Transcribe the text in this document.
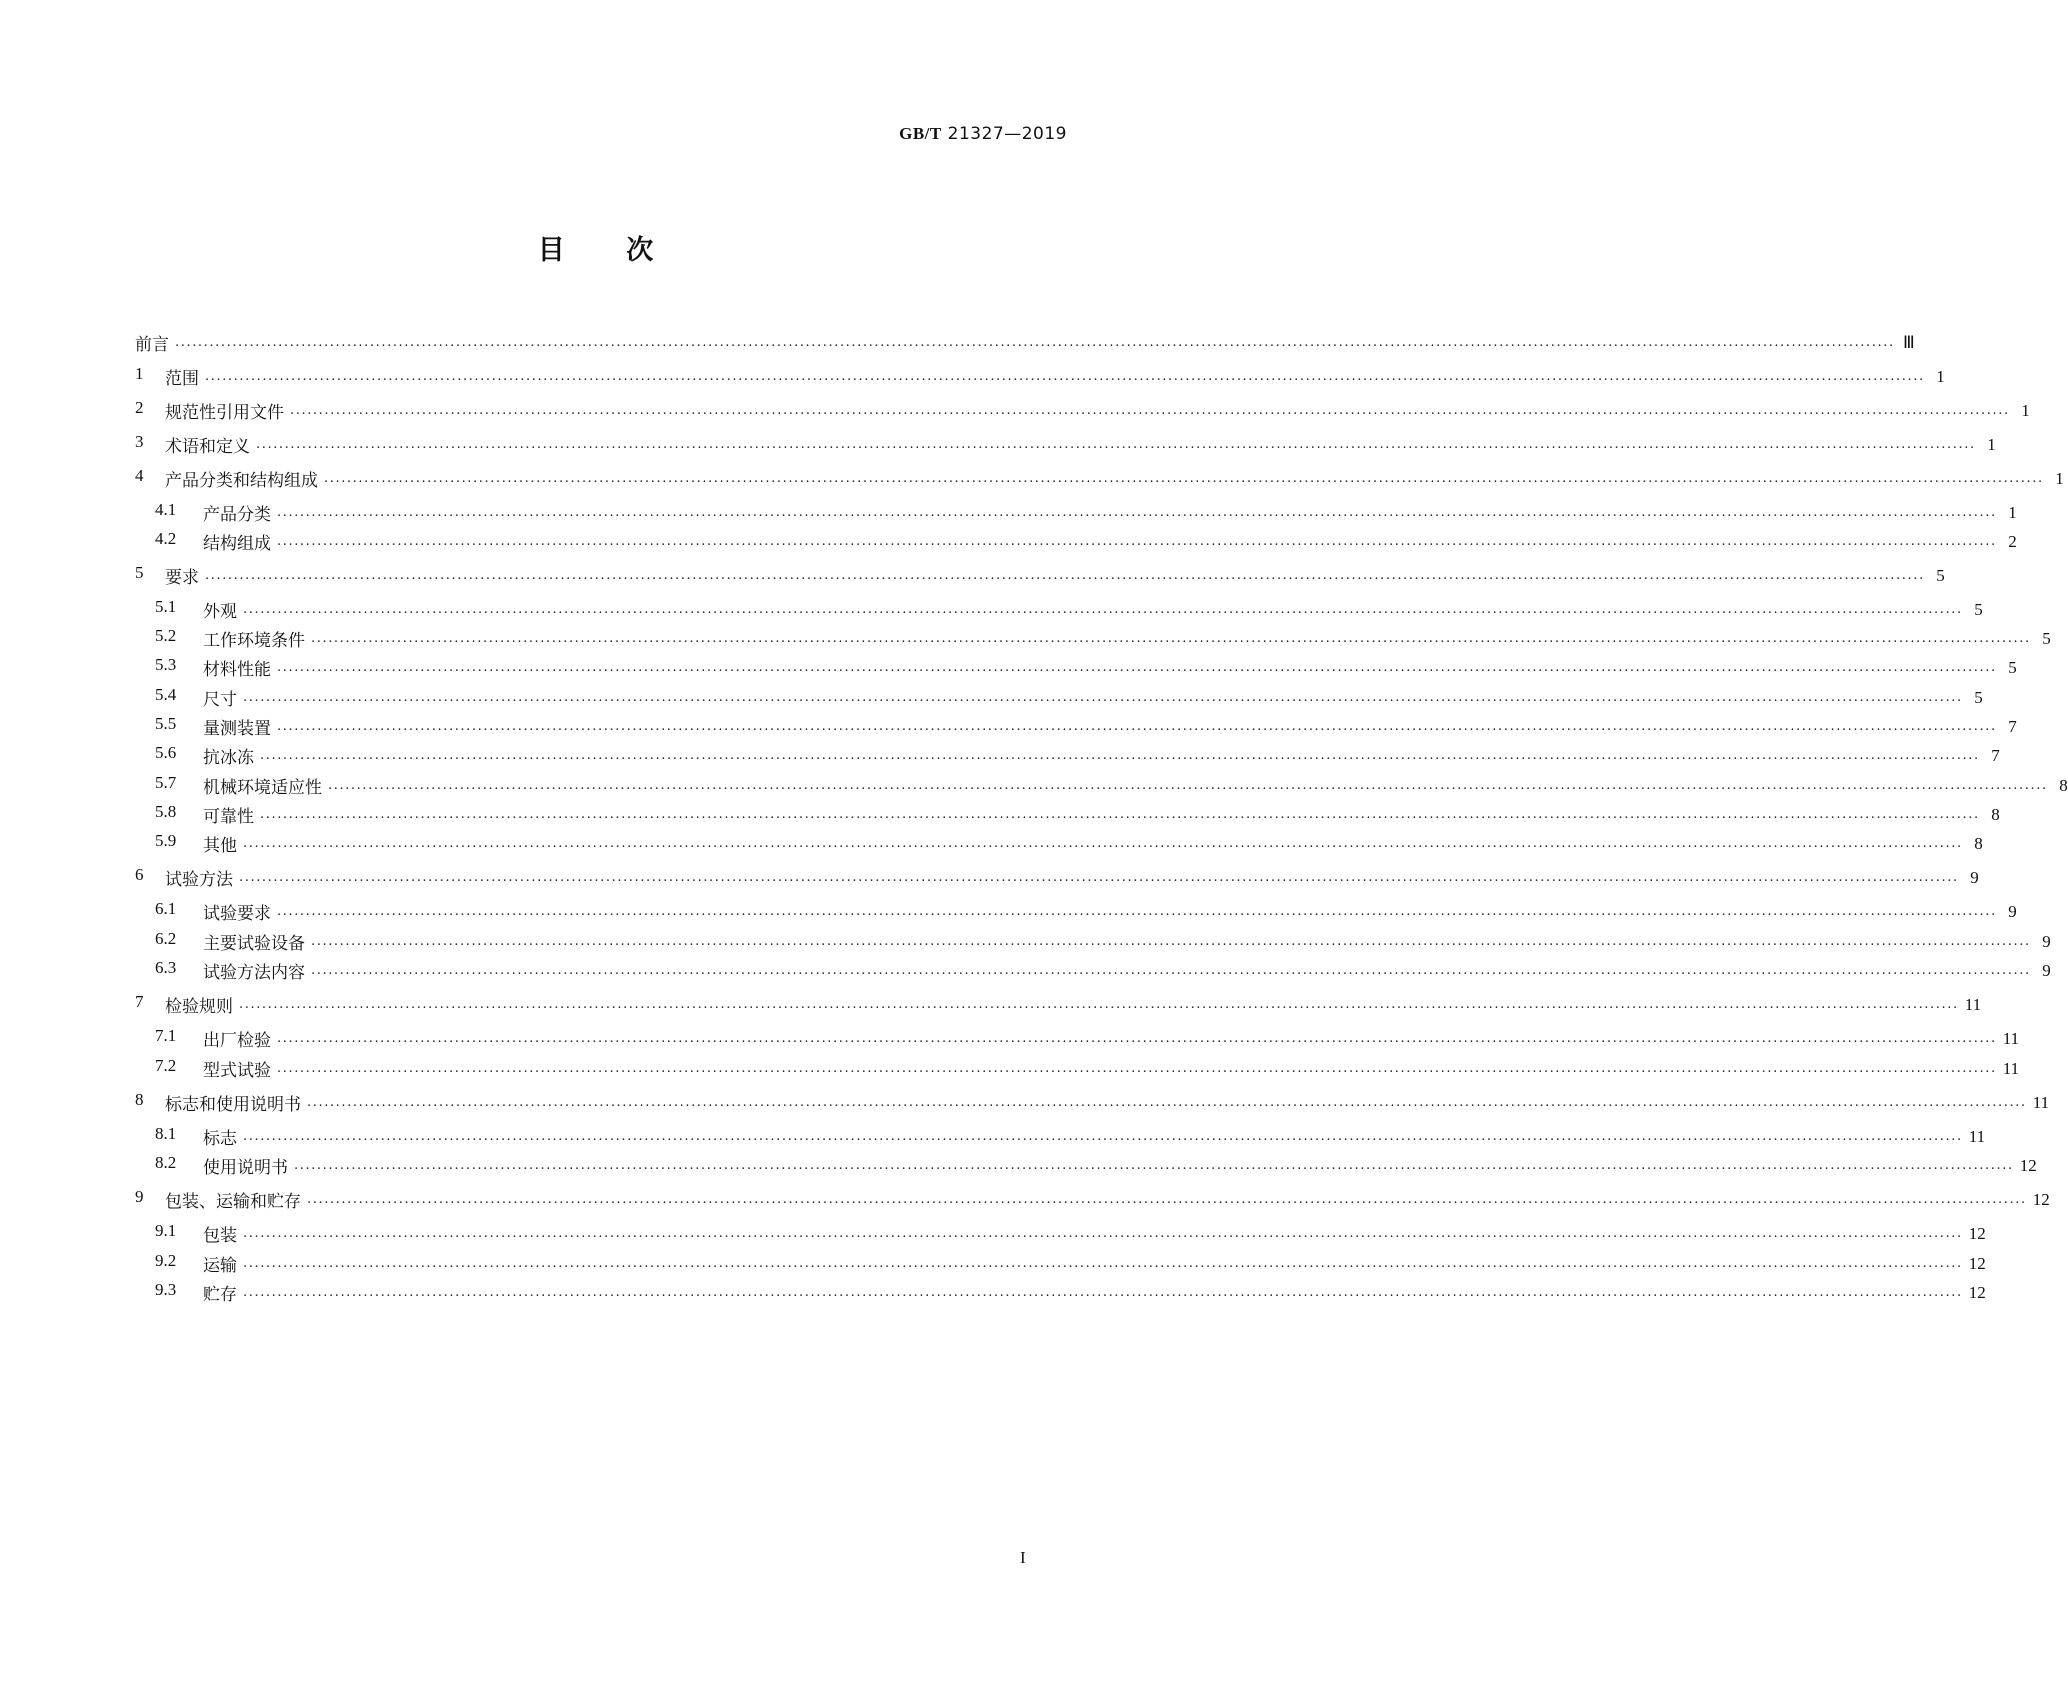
GB/T 21327—2019
目 次
前言 ............................................................................................................................................................................................................................................................................................................ Ⅲ
1	范围 ............................................................................................................................................................................................................................................................................................................ 1
2	规范性引用文件 ............................................................................................................................................................................................................................................................................................................ 1
3	术语和定义 ............................................................................................................................................................................................................................................................................................................ 1
4	产品分类和结构组成 ............................................................................................................................................................................................................................................................................................................ 1
4.1	产品分类 ............................................................................................................................................................................................................................................................................................................ 1
4.2	结构组成 ............................................................................................................................................................................................................................................................................................................ 2
5	要求 ............................................................................................................................................................................................................................................................................................................ 5
5.1	外观 ............................................................................................................................................................................................................................................................................................................ 5
5.2	工作环境条件 ............................................................................................................................................................................................................................................................................................................ 5
5.3	材料性能 ............................................................................................................................................................................................................................................................................................................ 5
5.4	尺寸 ............................................................................................................................................................................................................................................................................................................ 5
5.5	量测装置 ............................................................................................................................................................................................................................................................................................................ 7
5.6	抗冰冻 ............................................................................................................................................................................................................................................................................................................ 7
5.7	机械环境适应性 ............................................................................................................................................................................................................................................................................................................ 8
5.8	可靠性 ............................................................................................................................................................................................................................................................................................................ 8
5.9	其他 ............................................................................................................................................................................................................................................................................................................ 8
6	试验方法 ............................................................................................................................................................................................................................................................................................................ 9
6.1	试验要求 ............................................................................................................................................................................................................................................................................................................ 9
6.2	主要试验设备 ............................................................................................................................................................................................................................................................................................................ 9
6.3	试验方法内容 ............................................................................................................................................................................................................................................................................................................ 9
7	检验规则 ............................................................................................................................................................................................................................................................................................................ 11
7.1	出厂检验 ............................................................................................................................................................................................................................................................................................................ 11
7.2	型式试验 ............................................................................................................................................................................................................................................................................................................ 11
8	标志和使用说明书 ............................................................................................................................................................................................................................................................................................................ 11
8.1	标志 ............................................................................................................................................................................................................................................................................................................ 11
8.2	使用说明书 ............................................................................................................................................................................................................................................................................................................ 12
9	包装、运输和贮存 ............................................................................................................................................................................................................................................................................................................ 12
9.1	包装 ............................................................................................................................................................................................................................................................................................................ 12
9.2	运输 ............................................................................................................................................................................................................................................................................................................ 12
9.3	贮存 ............................................................................................................................................................................................................................................................................................................ 12
I
